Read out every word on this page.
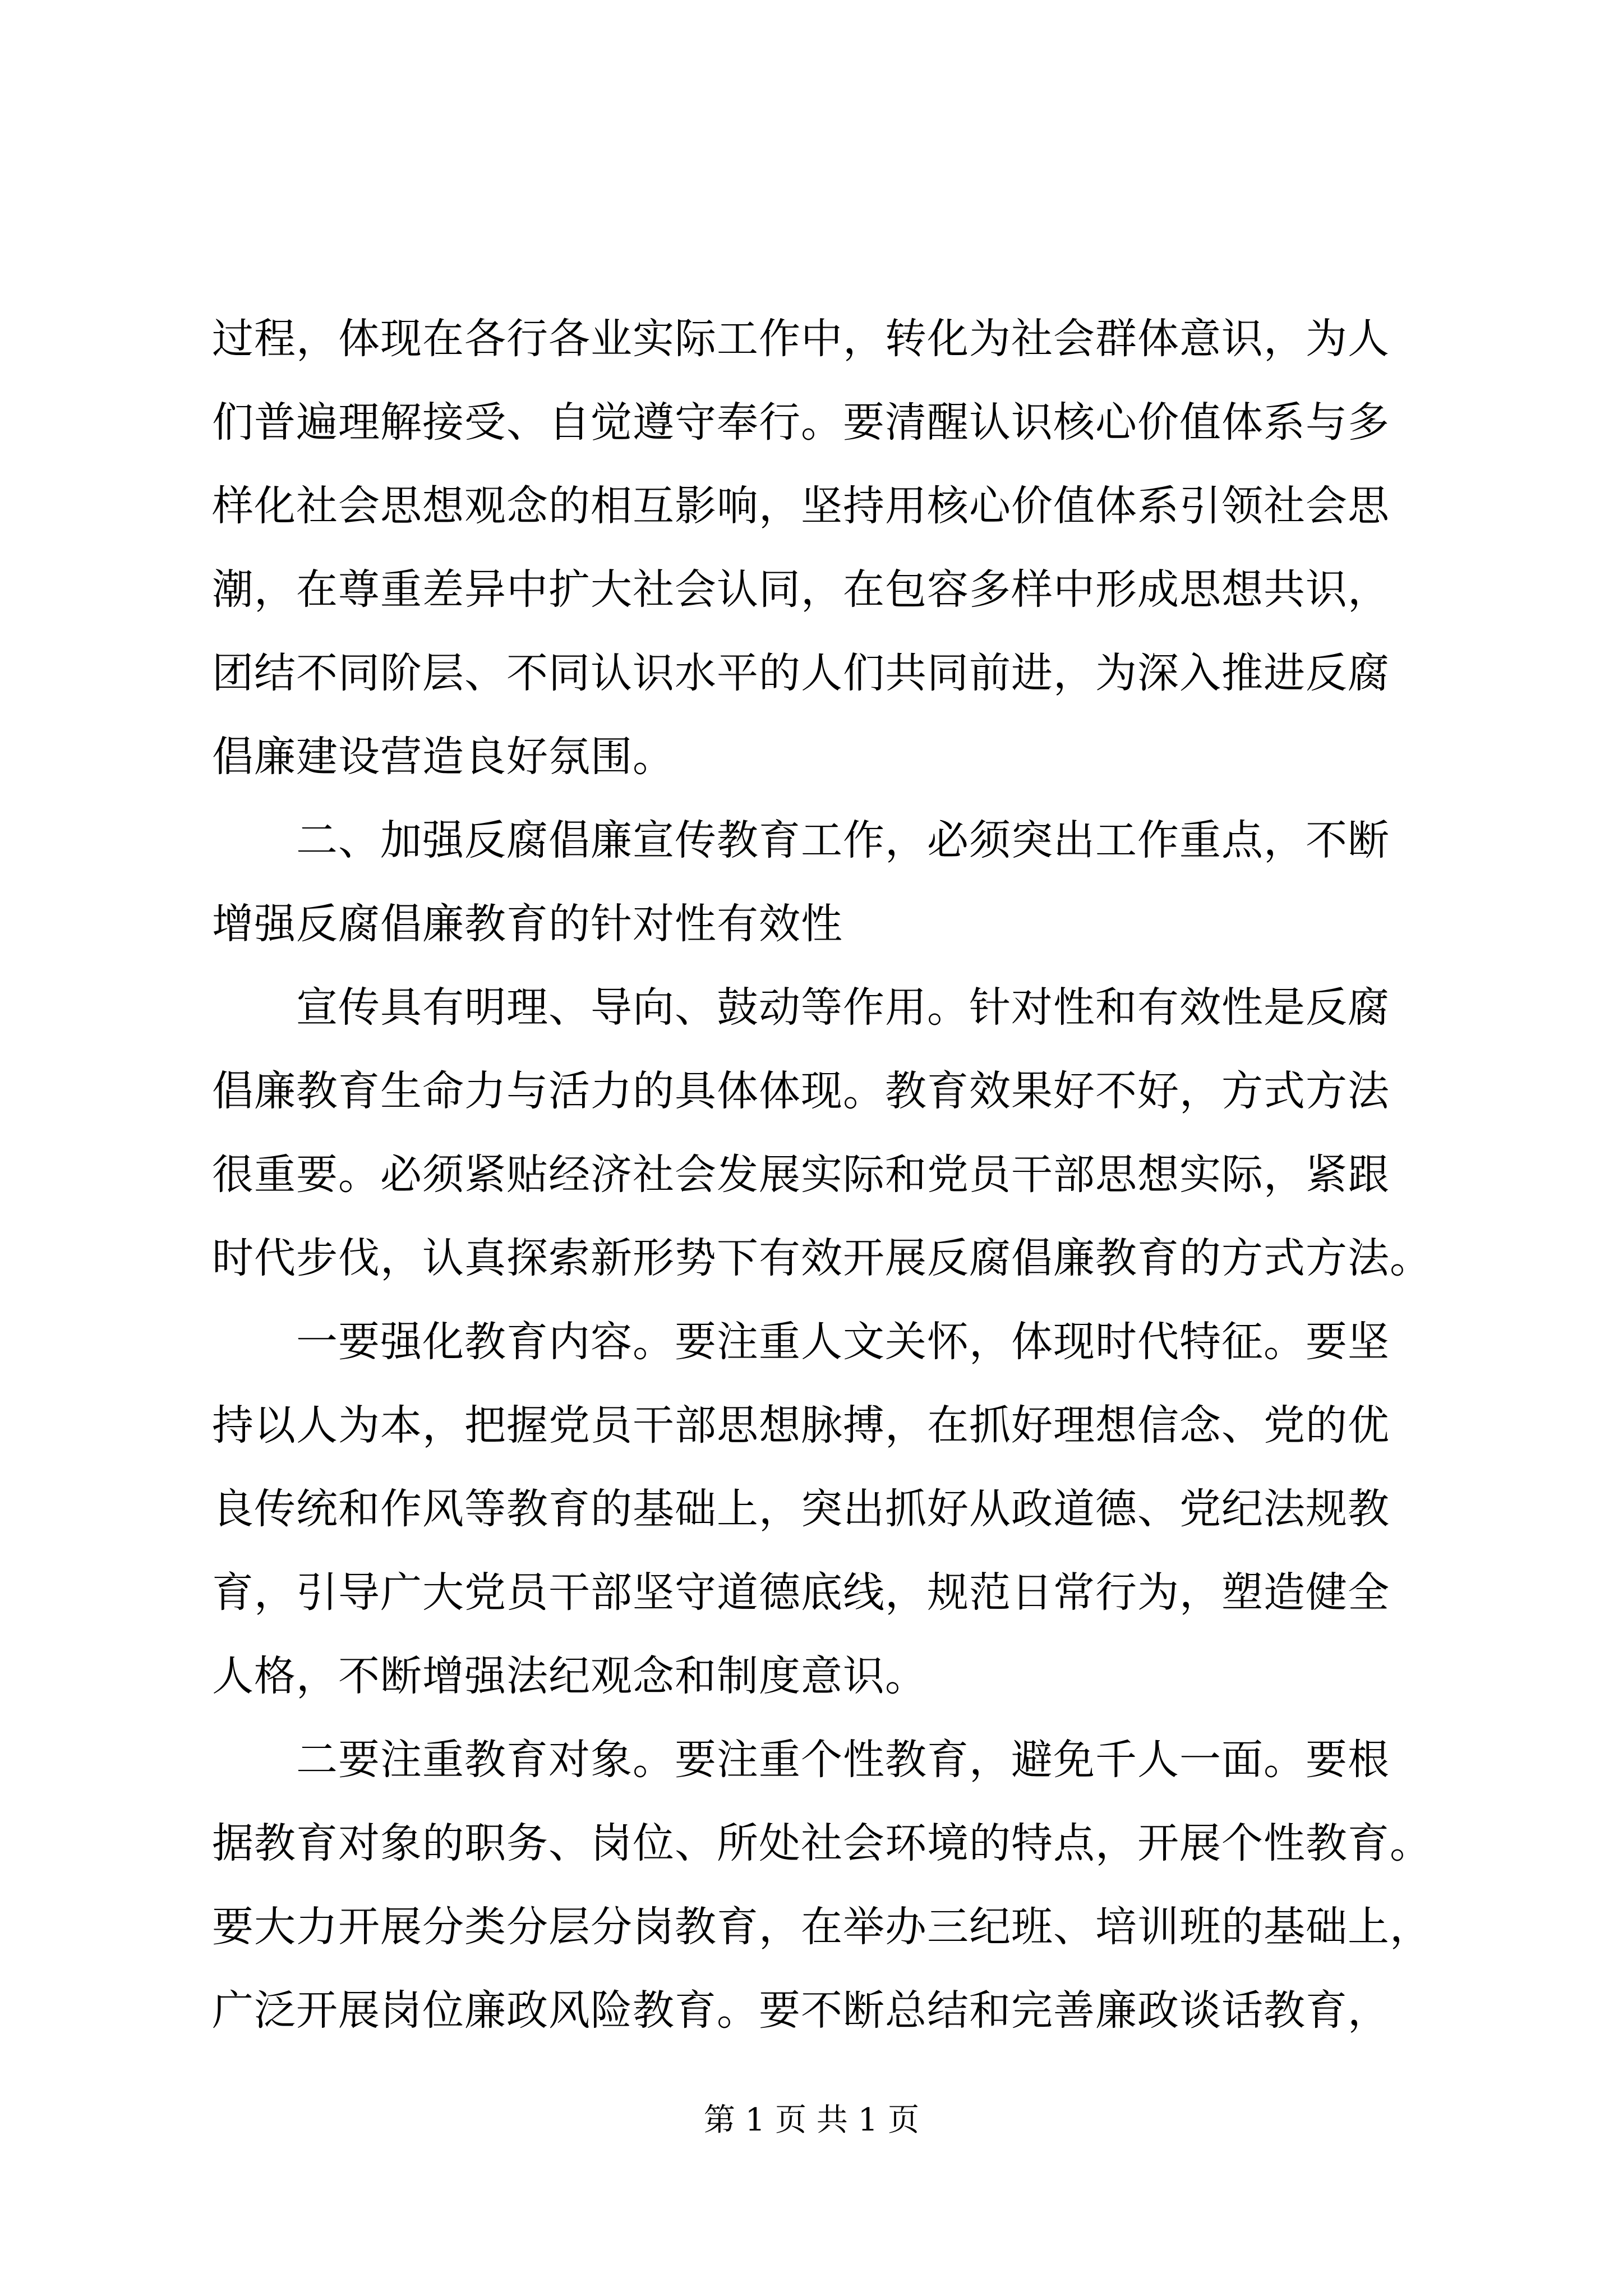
过程，体现在各行各业实际工作中，转化为社会群体意识，为人
们普遍理解接受、自觉遵守奉行。要清醒认识核心价值体系与多
样化社会思想观念的相互影响，坚持用核心价值体系引领社会思
潮，在尊重差异中扩大社会认同，在包容多样中形成思想共识，
团结不同阶层、不同认识水平的人们共同前进，为深入推进反腐
倡廉建设营造良好氛围。
　　二、加强反腐倡廉宣传教育工作，必须突出工作重点，不断
增强反腐倡廉教育的针对性有效性
　　宣传具有明理、导向、鼓动等作用。针对性和有效性是反腐
倡廉教育生命力与活力的具体体现。教育效果好不好，方式方法
很重要。必须紧贴经济社会发展实际和党员干部思想实际，紧跟
时代步伐，认真探索新形势下有效开展反腐倡廉教育的方式方法。
　　一要强化教育内容。要注重人文关怀，体现时代特征。要坚
持以人为本，把握党员干部思想脉搏，在抓好理想信念、党的优
良传统和作风等教育的基础上，突出抓好从政道德、党纪法规教
育，引导广大党员干部坚守道德底线，规范日常行为，塑造健全
人格，不断增强法纪观念和制度意识。
　　二要注重教育对象。要注重个性教育，避免千人一面。要根
据教育对象的职务、岗位、所处社会环境的特点，开展个性教育。
要大力开展分类分层分岗教育，在举办三纪班、培训班的基础上，
广泛开展岗位廉政风险教育。要不断总结和完善廉政谈话教育，
第 1 页 共 1 页
